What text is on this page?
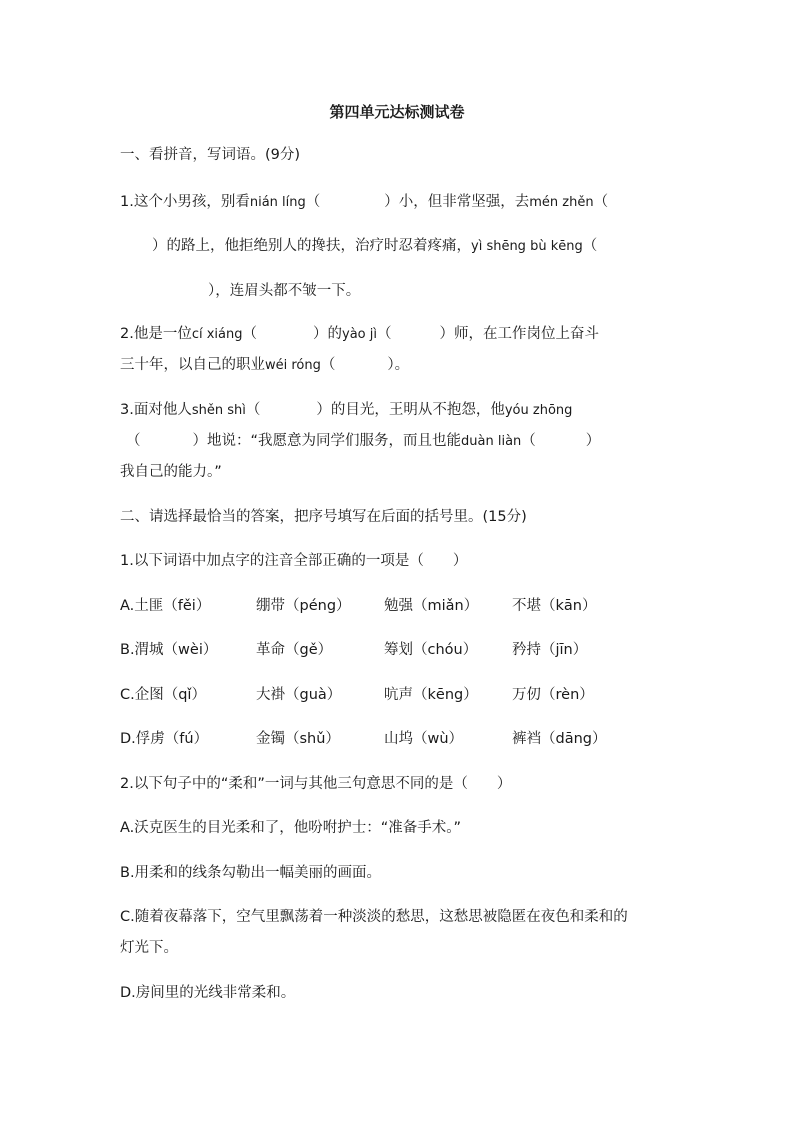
第四单元达标测试卷
一、看拼音，写词语。(9分)
1.这个小男孩，别看nián líng（	）小，但非常坚强，去mén zhěn（
）的路上，他拒绝别人的搀扶，治疗时忍着疼痛，yì shēng bù kēng（
），连眉头都不皱一下。
2.他是一位cí xiáng（	）的yào jì（	）师，在工作岗位上奋斗
三十年，以自己的职业wéi róng（	）。
3.面对他人shěn shì（	）的目光，王明从不抱怨，他yóu zhōng
（	）地说：“我愿意为同学们服务，而且也能duàn liàn（	）
我自己的能力。”
二、请选择最恰当的答案，把序号填写在后面的括号里。(15分)
1.以下词语中加点字的注音全部正确的一项是（　　）
A.土匪（fěi）	绷带（péng） 勉强（miǎn） 不堪（kān）
B.渭城（wèi）	革命（gě）	筹划（chóu） 矜持（jīn）
C.企图（qǐ）	大褂（guà）	吭声（kēng） 万仞（rèn）
D.俘虏（fú）	金镯（shǔ）	山坞（wù）	裤裆（dāng）
2.以下句子中的“柔和”一词与其他三句意思不同的是（　　）
A.沃克医生的目光柔和了，他吩咐护士：“准备手术。”
B.用柔和的线条勾勒出一幅美丽的画面。
C.随着夜幕落下，空气里飘荡着一种淡淡的愁思，这愁思被隐匿在夜色和柔和的
灯光下。
D.房间里的光线非常柔和。
